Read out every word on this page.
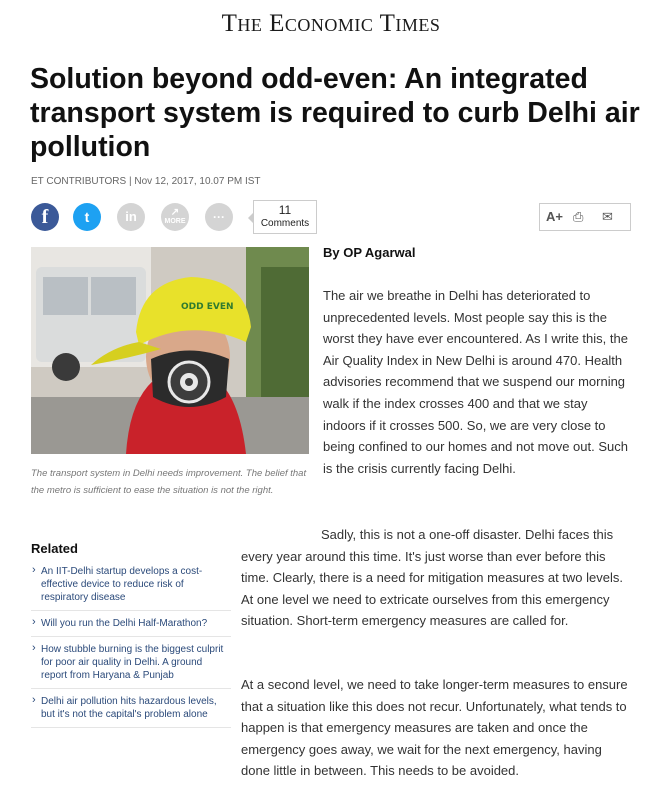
The Economic Times
Solution beyond odd-even: An integrated transport system is required to curb Delhi air pollution
ET CONTRIBUTORS | Nov 12, 2017, 10.07 PM IST
f	t	in	↗
MORE	···	11
Comments	A+ ⎙ ✉
ODD EVEN
The transport system in Delhi needs improvement. The belief that the metro is sufficient to ease the situation is not the right.
By OP Agarwal

The air we breathe in Delhi has deteriorated to unprecedented levels. Most people say this is the worst they have ever encountered. As I write this, the Air Quality Index in New Delhi is around 470. Health advisories recommend that we suspend our morning walk if the index crosses 400 and that we stay indoors if it crosses 500. So, we are very close to being confined to our homes and not move out. Such is the crisis currently facing Delhi.

Related
› An IIT-Delhi startup develops a cost-effective device to reduce risk of respiratory disease
› Will you run the Delhi Half-Marathon?
› How stubble burning is the biggest culprit for poor air quality in Delhi. A ground report from Haryana & Punjab
› Delhi air pollution hits hazardous levels, but it's not the capital's problem alone

Sadly, this is not a one-off disaster. Delhi faces this every year around this time. It's just worse than ever before this time. Clearly, there is a need for mitigation measures at two levels. At one level we need to extricate ourselves from this emergency situation. Short-term emergency measures are called for.

At a second level, we need to take longer-term measures to ensure that a situation like this does not recur. Unfortunately, what tends to happen is that emergency measures are taken and once the emergency goes away, we wait for the next emergency, having done little in between. This needs to be avoided.
